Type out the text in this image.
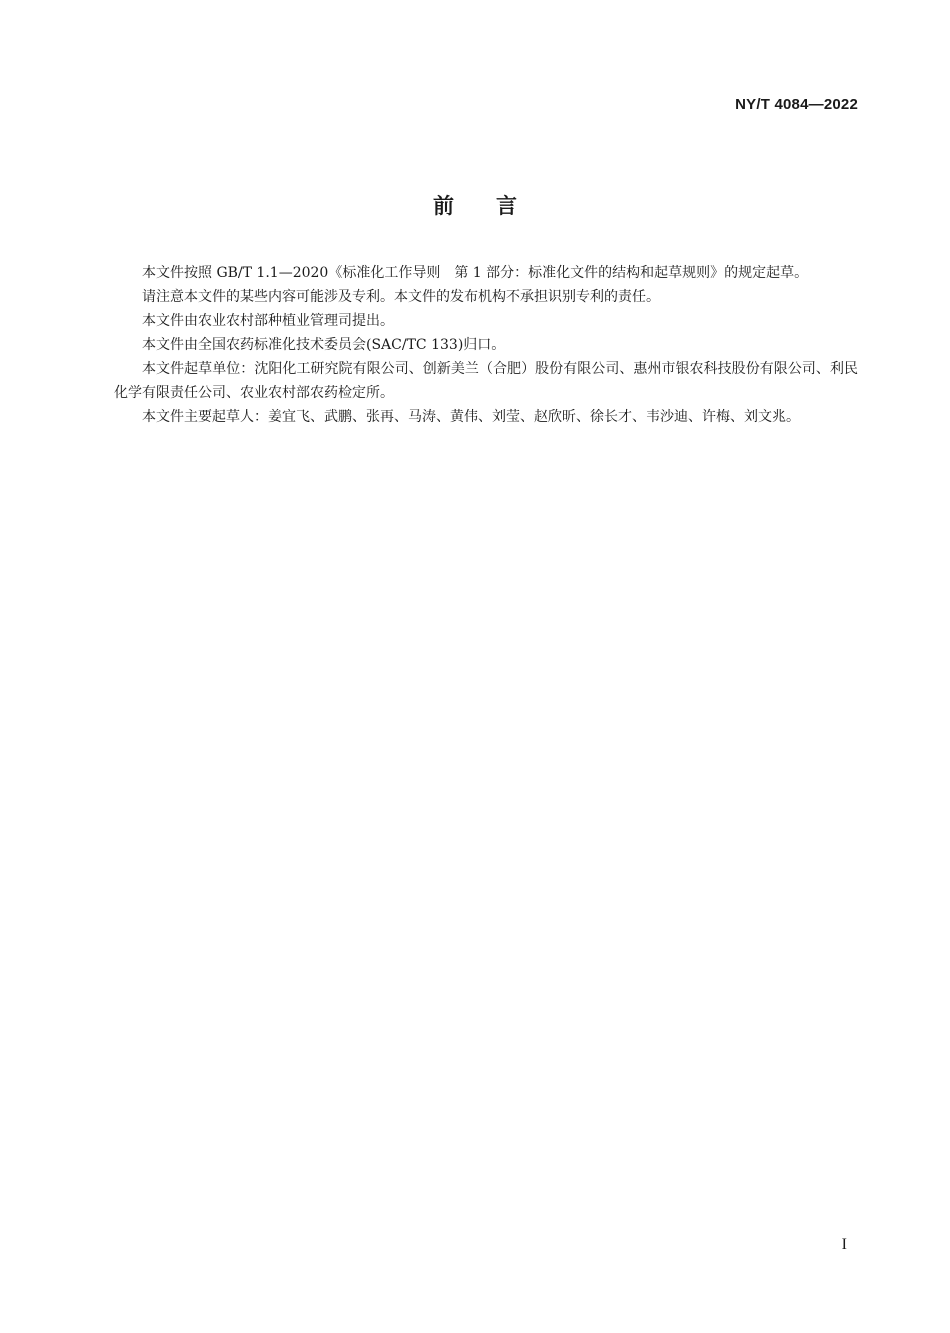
NY/T 4084—2022
前言

本文件按照 GB/T 1.1—2020《标准化工作导则　第 1 部分：标准化文件的结构和起草规则》的规定起草。

请注意本文件的某些内容可能涉及专利。本文件的发布机构不承担识别专利的责任。

本文件由农业农村部种植业管理司提出。

本文件由全国农药标准化技术委员会(SAC/TC 133)归口。

本文件起草单位：沈阳化工研究院有限公司、创新美兰（合肥）股份有限公司、惠州市银农科技股份有限公司、利民化学有限责任公司、农业农村部农药检定所。

本文件主要起草人：姜宜飞、武鹏、张再、马涛、黄伟、刘莹、赵欣昕、徐长才、韦沙迪、许梅、刘文兆。

I
